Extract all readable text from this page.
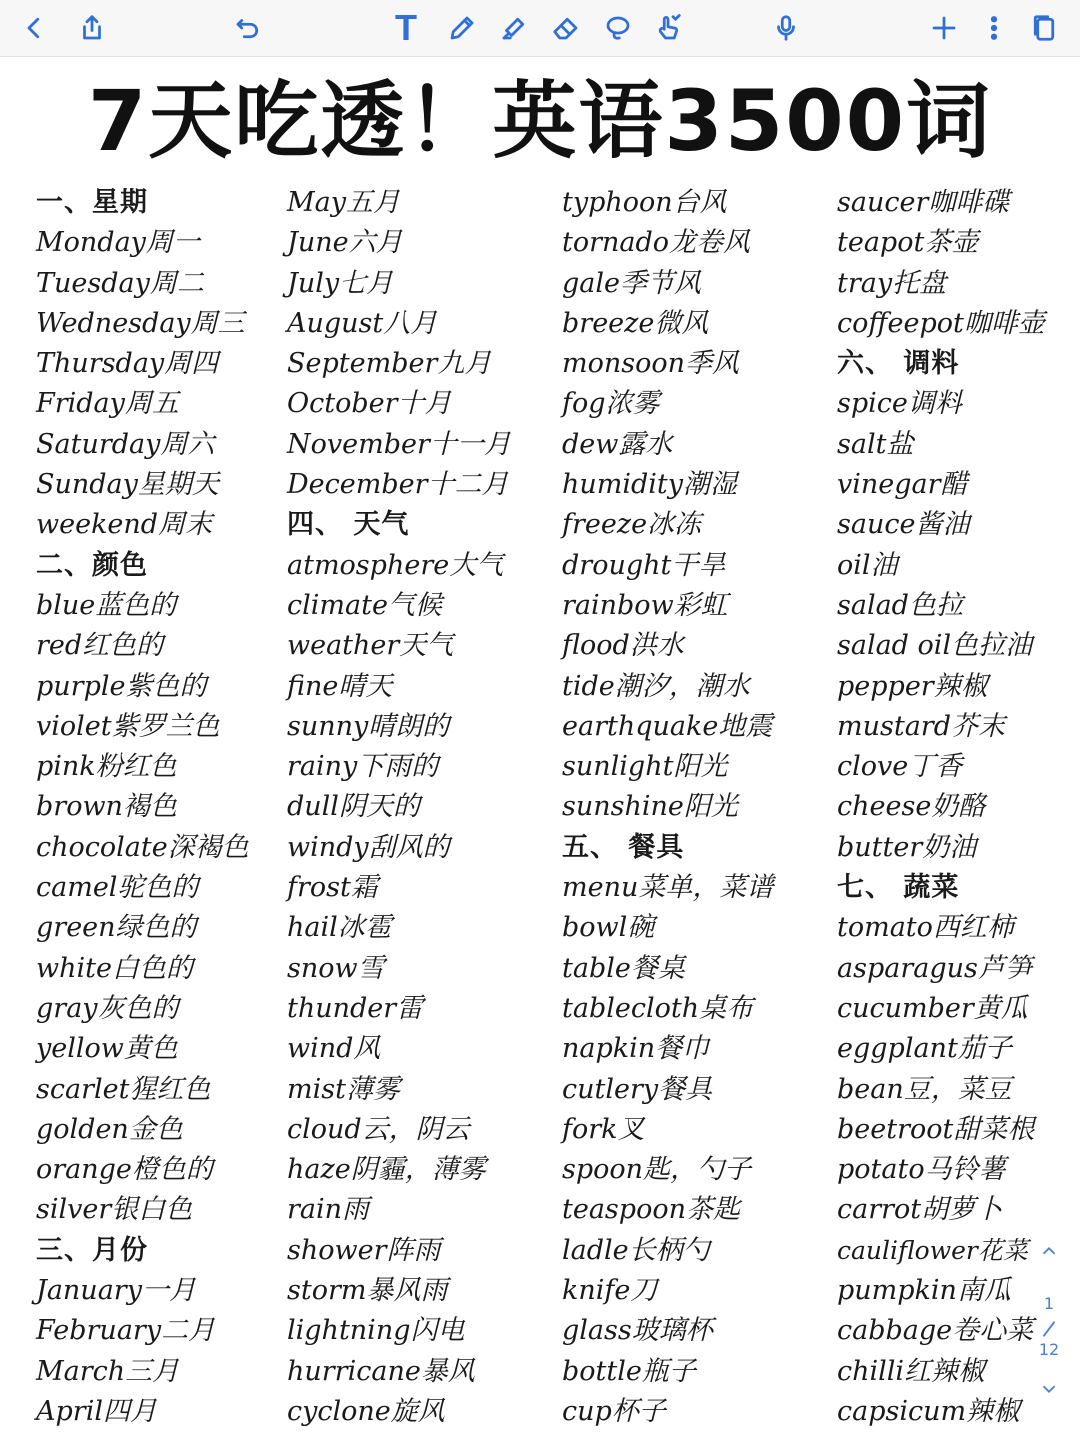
T
7天吃透！英语3500词
一、星期
Monday周一
Tuesday周二
Wednesday周三
Thursday周四
Friday周五
Saturday周六
Sunday星期天
weekend周末
二、颜色
blue蓝色的
red红色的
purple紫色的
violet紫罗兰色
pink粉红色
brown褐色
chocolate深褐色
camel驼色的
green绿色的
white白色的
gray灰色的
yellow黄色
scarlet猩红色
golden金色
orange橙色的
silver银白色
三、月份
January一月
February二月
March三月
April四月
May五月
June六月
July七月
August八月
September九月
October十月
November十一月
December十二月
四、 天气
atmosphere大气
climate气候
weather天气
fine晴天
sunny晴朗的
rainy下雨的
dull阴天的
windy刮风的
frost霜
hail冰雹
snow雪
thunder雷
wind风
mist薄雾
cloud云，阴云
haze阴霾，薄雾
rain雨
shower阵雨
storm暴风雨
lightning闪电
hurricane暴风
cyclone旋风
typhoon台风
tornado龙卷风
gale季节风
breeze微风
monsoon季风
fog浓雾
dew露水
humidity潮湿
freeze冰冻
drought干旱
rainbow彩虹
flood洪水
tide潮汐，潮水
earthquake地震
sunlight阳光
sunshine阳光
五、 餐具
menu菜单，菜谱
bowl碗
table餐桌
tablecloth桌布
napkin餐巾
cutlery餐具
fork叉
spoon匙，勺子
teaspoon茶匙
ladle长柄勺
knife刀
glass玻璃杯
bottle瓶子
cup杯子
saucer咖啡碟
teapot茶壶
tray托盘
coffeepot咖啡壶
六、 调料
spice调料
salt盐
vinegar醋
sauce酱油
oil油
salad色拉
salad oil色拉油
pepper辣椒
mustard芥末
clove丁香
cheese奶酪
butter奶油
七、 蔬菜
tomato西红柿
asparagus芦笋
cucumber黄瓜
eggplant茄子
bean豆，菜豆
beetroot甜菜根
potato马铃薯
carrot胡萝卜
cauliflower花菜
pumpkin南瓜
cabbage卷心菜
chilli红辣椒
capsicum辣椒
1
12
